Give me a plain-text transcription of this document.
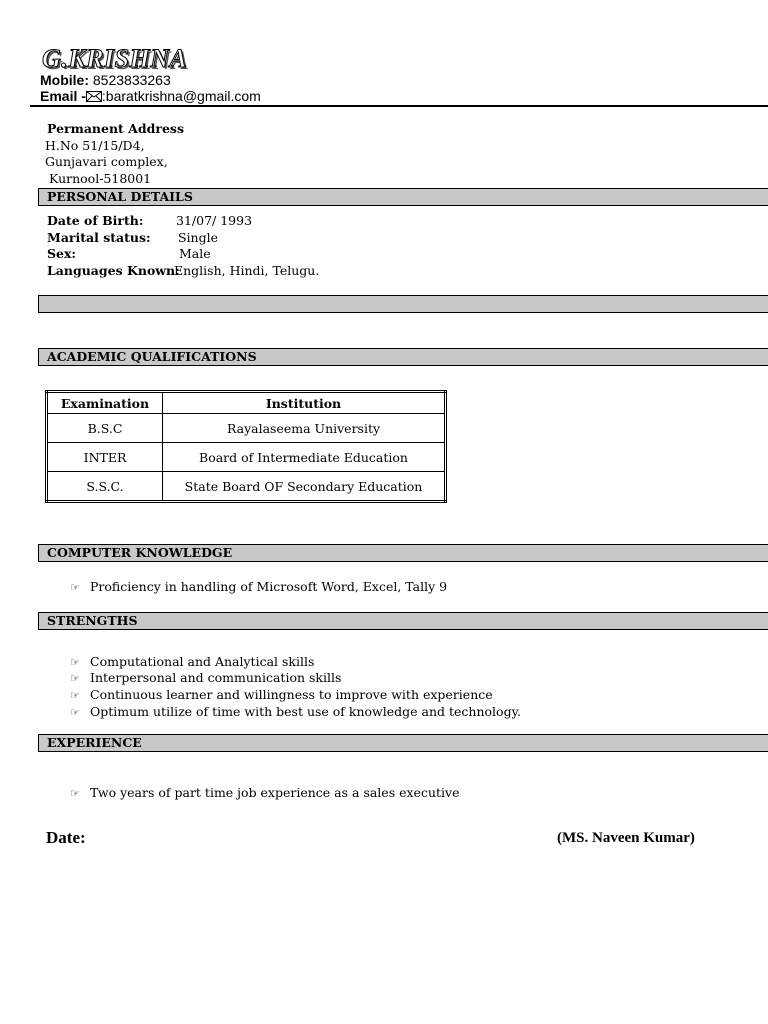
G.KRISHNA
Mobile: 8523833263
Email - :baratkrishna@gmail.com
Permanent Address
H.No 51/15/D4,
Gunjavari complex,
Kurnool-518001
PERSONAL DETAILS
Date of Birth:	31/07/ 1993
Marital status: Single
Sex:	Male
Languages Known:
English, Hindi, Telugu.
ACADEMIC QUALIFICATIONS
Examination	Institution
B.S.C	Rayalaseema University
INTER	Board of Intermediate Education
S.S.C.	State Board OF Secondary Education
COMPUTER KNOWLEDGE
☞ Proficiency in handling of Microsoft Word, Excel, Tally 9
STRENGTHS
☞ Computational and Analytical skills
☞ Interpersonal and communication skills
☞ Continuous learner and willingness to improve with experience
☞ Optimum utilize of time with best use of knowledge and technology.
EXPERIENCE
☞ Two years of part time job experience as a sales executive
Date:	(MS. Naveen Kumar)
